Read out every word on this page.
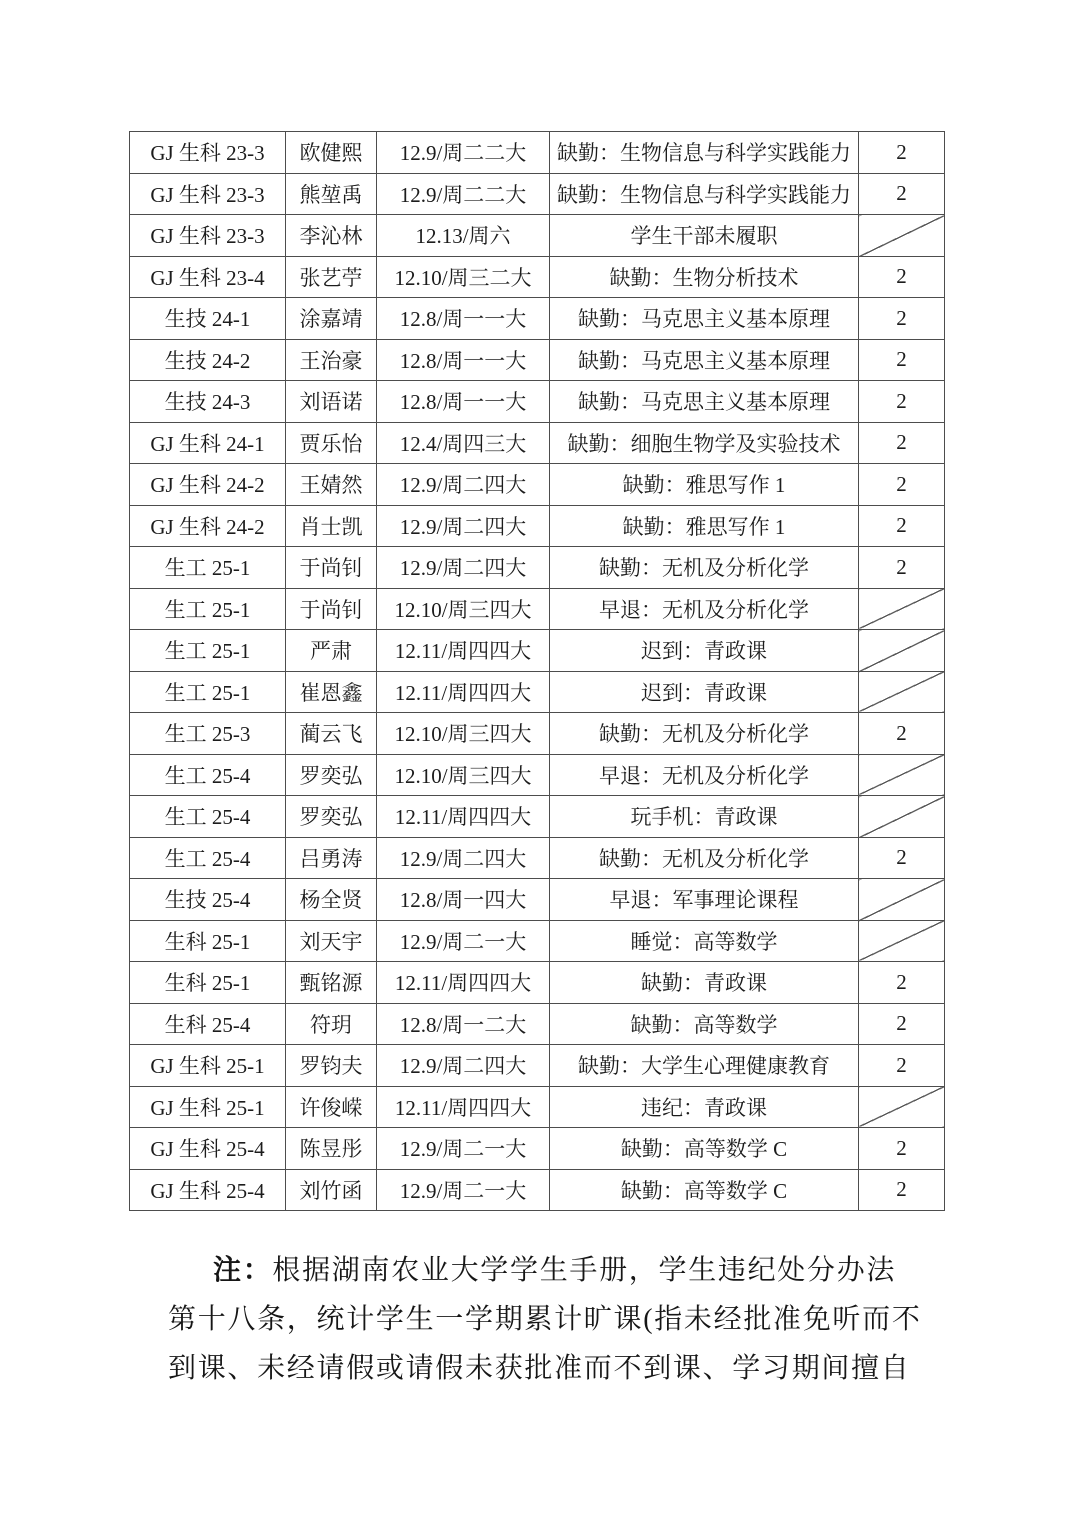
GJ 生科 23-3	欧健熙	12.9/周二二大	缺勤：生物信息与科学实践能力	2
GJ 生科 23-3	熊堃禹	12.9/周二二大	缺勤：生物信息与科学实践能力	2
GJ 生科 23-3	李沁林	12.13/周六	学生干部未履职	
GJ 生科 23-4	张艺苧	12.10/周三二大	缺勤：生物分析技术	2
生技 24-1	涂嘉靖	12.8/周一一大	缺勤：马克思主义基本原理	2
生技 24-2	王治豪	12.8/周一一大	缺勤：马克思主义基本原理	2
生技 24-3	刘语诺	12.8/周一一大	缺勤：马克思主义基本原理	2
GJ 生科 24-1	贾乐怡	12.4/周四三大	缺勤：细胞生物学及实验技术	2
GJ 生科 24-2	王婧然	12.9/周二四大	缺勤：雅思写作 1	2
GJ 生科 24-2	肖士凯	12.9/周二四大	缺勤：雅思写作 1	2
生工 25-1	于尚钊	12.9/周二四大	缺勤：无机及分析化学	2
生工 25-1	于尚钊	12.10/周三四大	早退：无机及分析化学	
生工 25-1	严肃	12.11/周四四大	迟到：青政课	
生工 25-1	崔恩鑫	12.11/周四四大	迟到：青政课	
生工 25-3	蔺云飞	12.10/周三四大	缺勤：无机及分析化学	2
生工 25-4	罗奕弘	12.10/周三四大	早退：无机及分析化学	
生工 25-4	罗奕弘	12.11/周四四大	玩手机：青政课	
生工 25-4	吕勇涛	12.9/周二四大	缺勤：无机及分析化学	2
生技 25-4	杨全贤	12.8/周一四大	早退：军事理论课程	
生科 25-1	刘天宇	12.9/周二一大	睡觉：高等数学	
生科 25-1	甄铭源	12.11/周四四大	缺勤：青政课	2
生科 25-4	符玥	12.8/周一二大	缺勤：高等数学	2
GJ 生科 25-1	罗钧夫	12.9/周二四大	缺勤：大学生心理健康教育	2
GJ 生科 25-1	许俊嵘	12.11/周四四大	违纪：青政课	
GJ 生科 25-4	陈昱彤	12.9/周二一大	缺勤：高等数学 C	2
GJ 生科 25-4	刘竹函	12.9/周二一大	缺勤：高等数学 C	2
注：根据湖南农业大学学生手册，学生违纪处分办法
第十八条，统计学生一学期累计旷课(指未经批准免听而不
到课、未经请假或请假未获批准而不到课、学习期间擅自
